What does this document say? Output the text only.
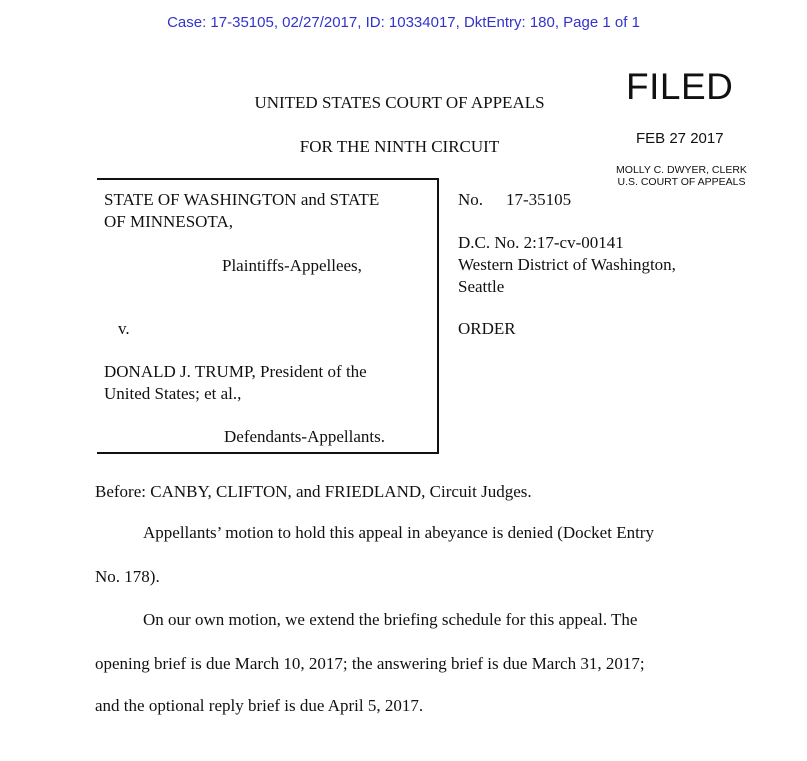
Case: 17-35105, 02/27/2017, ID: 10334017, DktEntry: 180, Page 1 of 1
UNITED STATES COURT OF APPEALS
FOR THE NINTH CIRCUIT
FILED
FEB 27 2017
MOLLY C. DWYER, CLERK
U.S. COURT OF APPEALS
STATE OF WASHINGTON and STATE
OF MINNESOTA,
Plaintiffs-Appellees,
v.
DONALD J. TRUMP, President of the
United States; et al.,
Defendants-Appellants.
No. 17-35105
D.C. No. 2:17-cv-00141
Western District of Washington,
Seattle
ORDER
Before: CANBY, CLIFTON, and FRIEDLAND, Circuit Judges.
Appellants’ motion to hold this appeal in abeyance is denied (Docket Entry
No. 178).
On our own motion, we extend the briefing schedule for this appeal. The
opening brief is due March 10, 2017; the answering brief is due March 31, 2017;
and the optional reply brief is due April 5, 2017.
